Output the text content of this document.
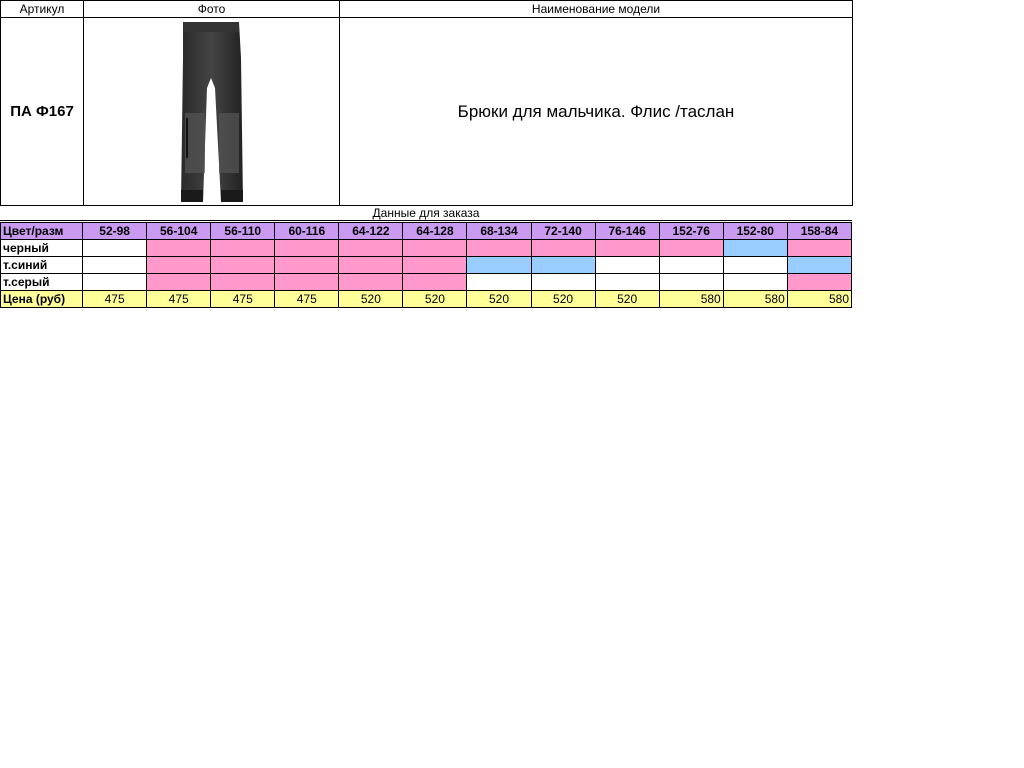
Артикул	Фото	Наименование модели
ПА Ф167		Брюки для мальчика. Флис /таслан
Данные для заказа
Цвет/разм	52-98	56-104	56-110	60-116	64-122	64-128	68-134	72-140	76-146	152-76	152-80	158-84
черный												
т.синий												
т.серый												
Цена (руб)	475	475	475	475	520	520	520	520	520	580	580	580
